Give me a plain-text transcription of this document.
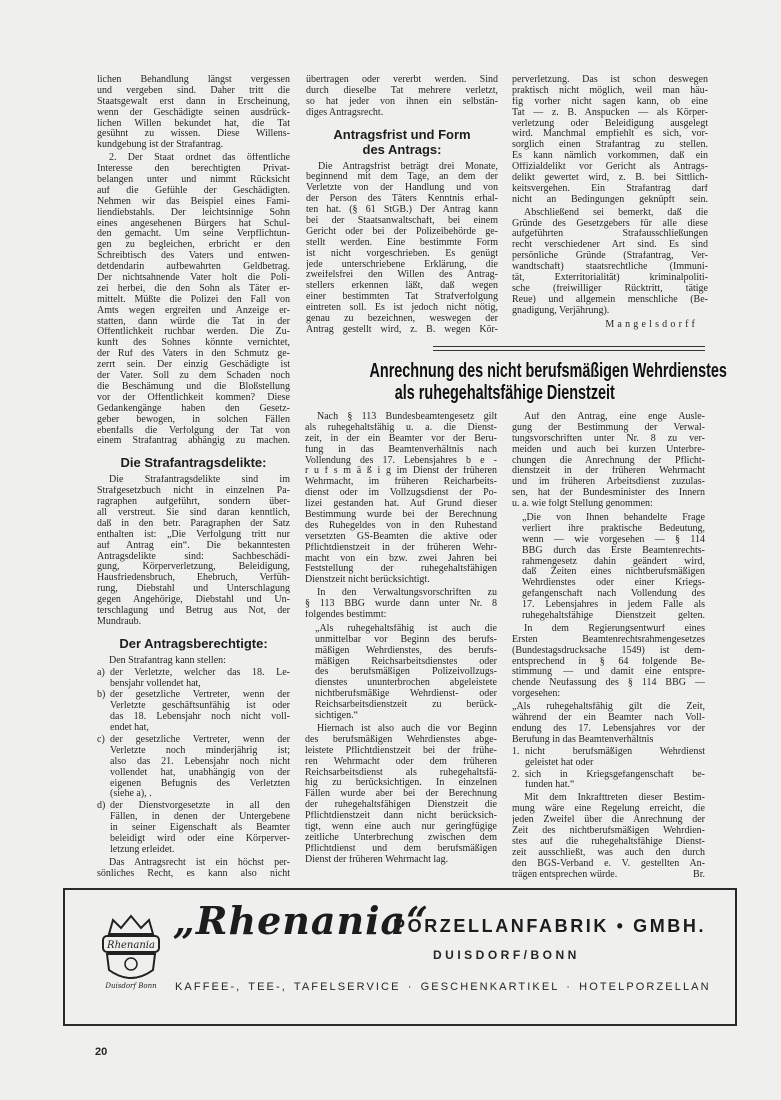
lichen Behandlung längst vergessen
und vergeben sind. Daher tritt die
Staatsgewalt erst dann in Erscheinung,
wenn der Geschädigte seinen ausdrück-
lichen Willen bekundet hat, die Tat
gesühnt zu wissen. Diese Willens-
kundgebung ist der Strafantrag.
2. Der Staat ordnet das öffentliche
Interesse den berechtigten Privat-
belangen unter und nimmt Rücksicht
auf die Gefühle der Geschädigten.
Nehmen wir das Beispiel eines Fami-
liendiebstahls. Der leichtsinnige Sohn
eines angesehenen Bürgers hat Schul-
den gemacht. Um seine Verpflichtun-
gen zu begleichen, erbricht er den
Schreibtisch des Vaters und entwen-
detdendarin aufbewahrten Geldbetrag.
Der nichtsahnende Vater holt die Poli-
zei herbei, die den Sohn als Täter er-
mittelt. Müßte die Polizei den Fall von
Amts wegen ergreifen und Anzeige er-
statten, dann würde die Tat in der
Öffentlichkeit ruchbar werden. Die Zu-
kunft des Sohnes könnte vernichtet,
der Ruf des Vaters in den Schmutz ge-
zerrt sein. Der einzig Geschädigte ist
der Vater. Soll zu dem Schaden noch
die Beschämung und die Bloßstellung
vor der Öffentlichkeit kommen? Diese
Gedankengänge haben den Gesetz-
geber bewogen, in solchen Fällen
ebenfalls die Verfolgung der Tat von
einem Strafantrag abhängig zu machen.
Die Strafantragsdelikte:
Die Strafantragsdelikte sind im
Strafgesetzbuch nicht in einzelnen Pa-
ragraphen aufgeführt, sondern über-
all verstreut. Sie sind daran kenntlich,
daß in den betr. Paragraphen der Satz
enthalten ist: „Die Verfolgung tritt nur
auf Antrag ein“. Die bekanntesten
Antragsdelikte sind: Sachbeschädi-
gung, Körperverletzung, Beleidigung,
Hausfriedensbruch, Ehebruch, Verfüh-
rung, Diebstahl und Unterschlagung
gegen Angehörige, Diebstahl und Un-
terschlagung und Betrug aus Not, der
Mundraub.
Der Antragsberechtigte:
Den Strafantrag kann stellen:
a) der Verletzte, welcher das 18. Le-
bensjahr vollendet hat,
b) der gesetzliche Vertreter, wenn der
Verletzte geschäftsunfähig ist oder
das 18. Lebensjahr noch nicht voll-
endet hat,
c) der gesetzliche Vertreter, wenn der
Verletzte noch minderjährig ist;
also das 21. Lebensjahr noch nicht
vollendet hat, unabhängig von der
eigenen Befugnis des Verletzten
(siehe a), .
d) der Dienstvorgesetzte in all den
Fällen, in denen der Untergebene
in seiner Eigenschaft als Beamter
beleidigt wird oder eine Körperver-
letzung erleidet.
Das Antragsrecht ist ein höchst per-
sönliches Recht, es kann also nicht
übertragen oder vererbt werden. Sind
durch dieselbe Tat mehrere verletzt,
so hat jeder von ihnen ein selbstän-
diges Antragsrecht.
Antragsfrist und Form
des Antrags:
Die Antragsfrist beträgt drei Monate,
beginnend mit dem Tage, an dem der
Verletzte von der Handlung und von
der Person des Täters Kenntnis erhal-
ten hat. (§ 61 StGB.) Der Antrag kann
bei der Staatsanwaltschaft, bei einem
Gericht oder bei der Polizeibehörde ge-
stellt werden. Eine bestimmte Form
ist nicht vorgeschrieben. Es genügt
jede unterschriebene Erklärung, die
zweifelsfrei den Willen des Antrag-
stellers erkennen läßt, daß wegen
einer bestimmten Tat Strafverfolgung
eintreten soll. Es ist jedoch nicht nötig,
genau zu bezeichnen, weswegen der
Antrag gestellt wird, z. B. wegen Kör-
perverletzung. Das ist schon deswegen
praktisch nicht möglich, weil man häu-
fig vorher nicht sagen kann, ob eine
Tat — z. B. Anspucken — als Körper-
verletzung oder Beleidigung ausgelegt
wird. Manchmal empfiehlt es sich, vor-
sorglich einen Strafantrag zu stellen.
Es kann nämlich vorkommen, daß ein
Offizialdelikt vor Gericht als Antrags-
delikt gewertet wird, z. B. bei Sittlich-
keitsvergehen. Ein Strafantrag darf
nicht an Bedingungen geknüpft sein.
Abschließend sei bemerkt, daß die
Gründe des Gesetzgebers für alle diese
aufgeführten Strafausschließungen
recht verschiedener Art sind. Es sind
persönliche Gründe (Strafantrag, Ver-
wandtschaft) staatsrechtliche (Immuni-
tät, Exterritorialität) kriminalpoliti-
sche (freiwilliger Rücktritt, tätige
Reue) und allgemein menschliche (Be-
gnadigung, Verjährung).
Mangelsdorff
Anrechnung des nicht berufsmäßigen Wehrdienstes
als ruhegehaltsfähige Dienstzeit
Nach § 113 Bundesbeamtengesetz gilt
als ruhegehaltsfähig u. a. die Dienst-
zeit, in der ein Beamter vor der Beru-
fung in das Beamtenverhältnis nach
Vollendung des 17. Lebensjahres b e -
r u f s m ä ß i g im Dienst der früheren
Wehrmacht, im früheren Reicharbeits-
dienst oder im Vollzugsdienst der Po-
lizei gestanden hat. Auf Grund dieser
Bestimmung wurde bei der Berechnung
des Ruhegeldes von in den Ruhestand
versetzten GS-Beamten die aktive oder
Pflichtdienstzeit in der früheren Wehr-
macht von ein bzw. zwei Jahren bei
Feststellung der ruhegehaltsfähigen
Dienstzeit nicht berücksichtigt.
In den Verwaltungsvorschriften zu
§ 113 BBG wurde dann unter Nr. 8
folgendes bestimmt:
„Als ruhegehaltsfähig ist auch die
unmittelbar vor Beginn des berufs-
mäßigen Wehrdienstes, des berufs-
mäßigen Reichsarbeitsdienstes oder
des berufsmäßigen Polizeivollzugs-
dienstes ununterbrochen abgeleistete
nichtberufsmäßige Wehrdienst- oder
Reichsarbeitsdienstzeit zu berück-
sichtigen.“
Hiernach ist also auch die vor Beginn
des berufsmäßigen Wehrdienstes abge-
leistete Pflichtdienstzeit bei der frühe-
ren Wehrmacht oder dem früheren
Reichsarbeitsdienst als ruhegehaltsfä-
hig zu berücksichtigen. In einzelnen
Fällen wurde aber bei der Berechnung
der ruhegehaltsfähigen Dienstzeit die
Pflichtdienstzeit dann nicht berücksich-
tigt, wenn eine auch nur geringfügige
zeitliche Unterbrechung zwischen dem
Pflichtdienst und dem berufsmäßigen
Dienst der früheren Wehrmacht lag.
Auf den Antrag, eine enge Ausle-
gung der Bestimmung der Verwal-
tungsvorschriften unter Nr. 8 zu ver-
meiden und auch bei kurzen Unterbre-
chungen die Anrechnung der Pflicht-
dienstzeit in der früheren Wehrmacht
und im früheren Arbeitsdienst zuzulas-
sen, hat der Bundesminister des Innern
u. a. wie folgt Stellung genommen:
„Die von Ihnen behandelte Frage
verliert ihre praktische Bedeutung,
wenn — wie vorgesehen — § 114
BBG durch das Erste Beamtenrechts-
rahmengesetz dahin geändert wird,
daß Zeiten eines nichtberufsmäßigen
Wehrdienstes oder einer Kriegs-
gefangenschaft nach Vollendung des
17. Lebensjahres in jedem Falle als
ruhegehaltsfähige Dienstzeit gelten.
In dem Regierungsentwurf eines
Ersten Beamtenrechtsrahmengesetzes
(Bundestagsdrucksache 1549) ist dem-
entsprechend in § 64 folgende Be-
stimmung — und damit eine entspre-
chende Neufassung des § 114 BBG —
vorgesehen:
„Als ruhegehaltsfähig gilt die Zeit,
während der ein Beamter nach Voll-
endung des 17. Lebensjahres vor der
Berufung in das Beamtenverhältnis
1. nicht berufsmäßigen Wehrdienst
geleistet hat oder
2. sich in Kriegsgefangenschaft be-
funden hat.“
Mit dem Inkrafttreten dieser Bestim-
mung wäre eine Regelung erreicht, die
jeden Zweifel über die Anrechnung der
Zeit des nichtberufsmäßigen Wehrdien-
stes auf die ruhegehaltsfähige Dienst-
zeit ausschließt, was auch den durch
den BGS-Verband e. V. gestellten An-
Br.
trägen entsprechen würde.
Rhenania
Duisdorf Bonn
„Rhenania“
PORZELLANFABRIK • GMBH.
DUISDORF/BONN
KAFFEE-, TEE-, TAFELSERVICE · GESCHENKARTIKEL · HOTELPORZELLAN
20
